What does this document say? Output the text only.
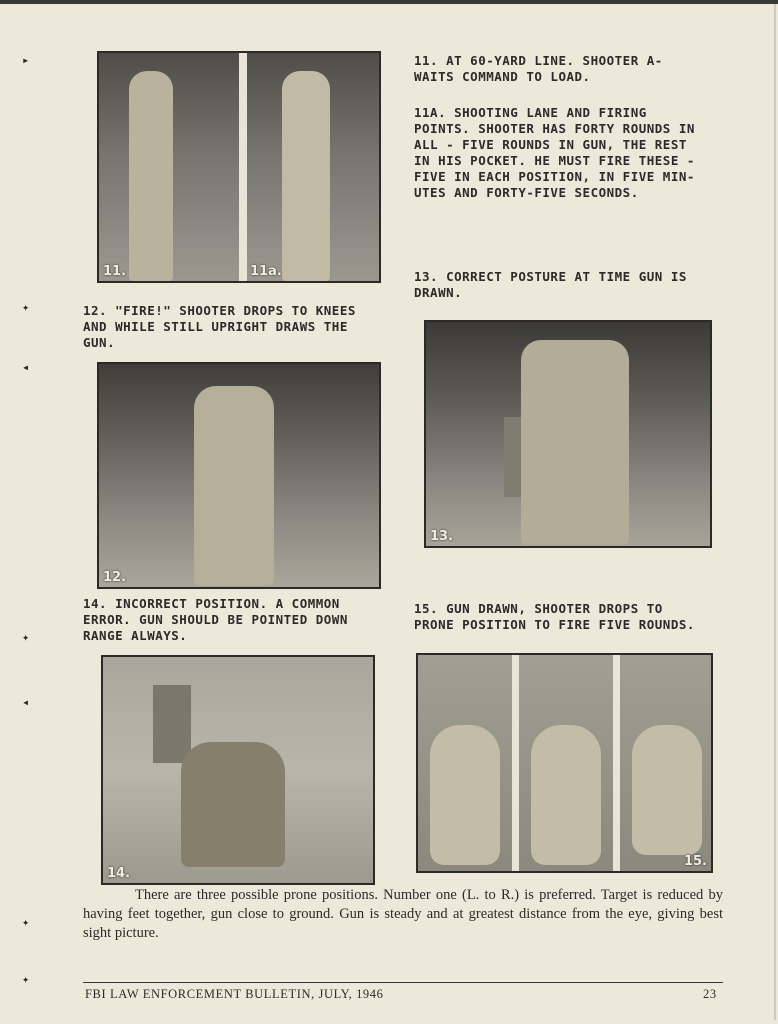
▸
✦
◂
✦
◂
✦
✦
11.	11a.
11. AT 60-YARD LINE. SHOOTER A-
WAITS COMMAND TO LOAD.
11A. SHOOTING LANE AND FIRING
POINTS. SHOOTER HAS FORTY ROUNDS IN
ALL - FIVE ROUNDS IN GUN, THE REST
IN HIS POCKET. HE MUST FIRE THESE -
FIVE IN EACH POSITION, IN FIVE MIN-
UTES AND FORTY-FIVE SECONDS.
13. CORRECT POSTURE AT TIME GUN IS
DRAWN.
12. "FIRE!" SHOOTER DROPS TO KNEES
AND WHILE STILL UPRIGHT DRAWS THE
GUN.
12.
13.
14. INCORRECT POSITION. A COMMON
ERROR. GUN SHOULD BE POINTED DOWN
RANGE ALWAYS.
15. GUN DRAWN, SHOOTER DROPS TO
PRONE POSITION TO FIRE FIVE ROUNDS.
14.
15.

There are three possible prone positions. Number one (L. to R.) is preferred. Target is reduced by having feet together, gun close to ground. Gun is steady and at greatest distance from the eye, giving best sight picture.

FBI LAW ENFORCEMENT BULLETIN, JULY, 1946	23
